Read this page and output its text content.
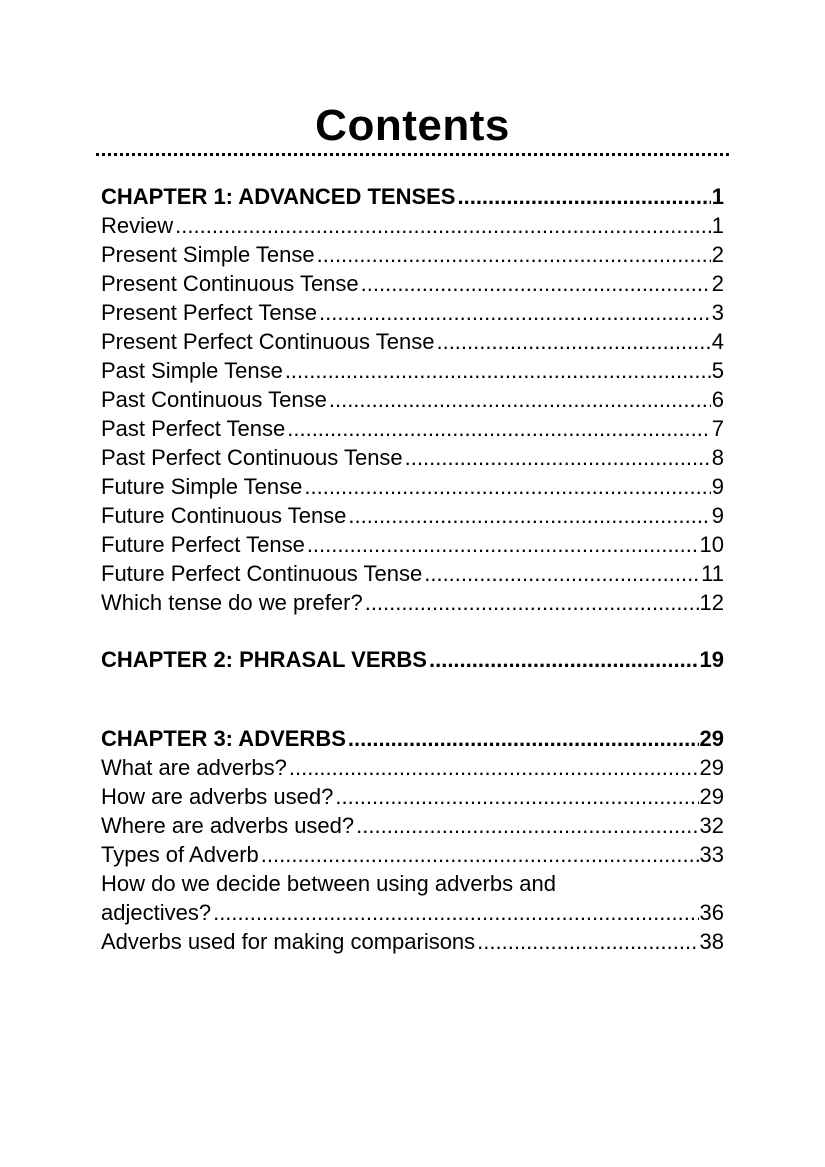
Contents
CHAPTER 1: ADVANCED TENSES .....	1
Review .....	1
Present Simple Tense .....	2
Present Continuous Tense .....	2
Present Perfect Tense .....	3
Present Perfect Continuous Tense .....	4
Past Simple Tense .....	5
Past Continuous Tense .....	6
Past Perfect Tense .....	7
Past Perfect Continuous Tense .....	8
Future Simple Tense .....	9
Future Continuous Tense .....	9
Future Perfect Tense .....	10
Future Perfect Continuous Tense .....	11
Which tense do we prefer? .....	12
CHAPTER 2: PHRASAL VERBS .....	19
CHAPTER 3: ADVERBS .....	29
What are adverbs? .....	29
How are adverbs used? .....	29
Where are adverbs used? .....	32
Types of Adverb .....	33
How do we decide between using adverbs and
adjectives? .....	36
Adverbs used for making comparisons .....	38
